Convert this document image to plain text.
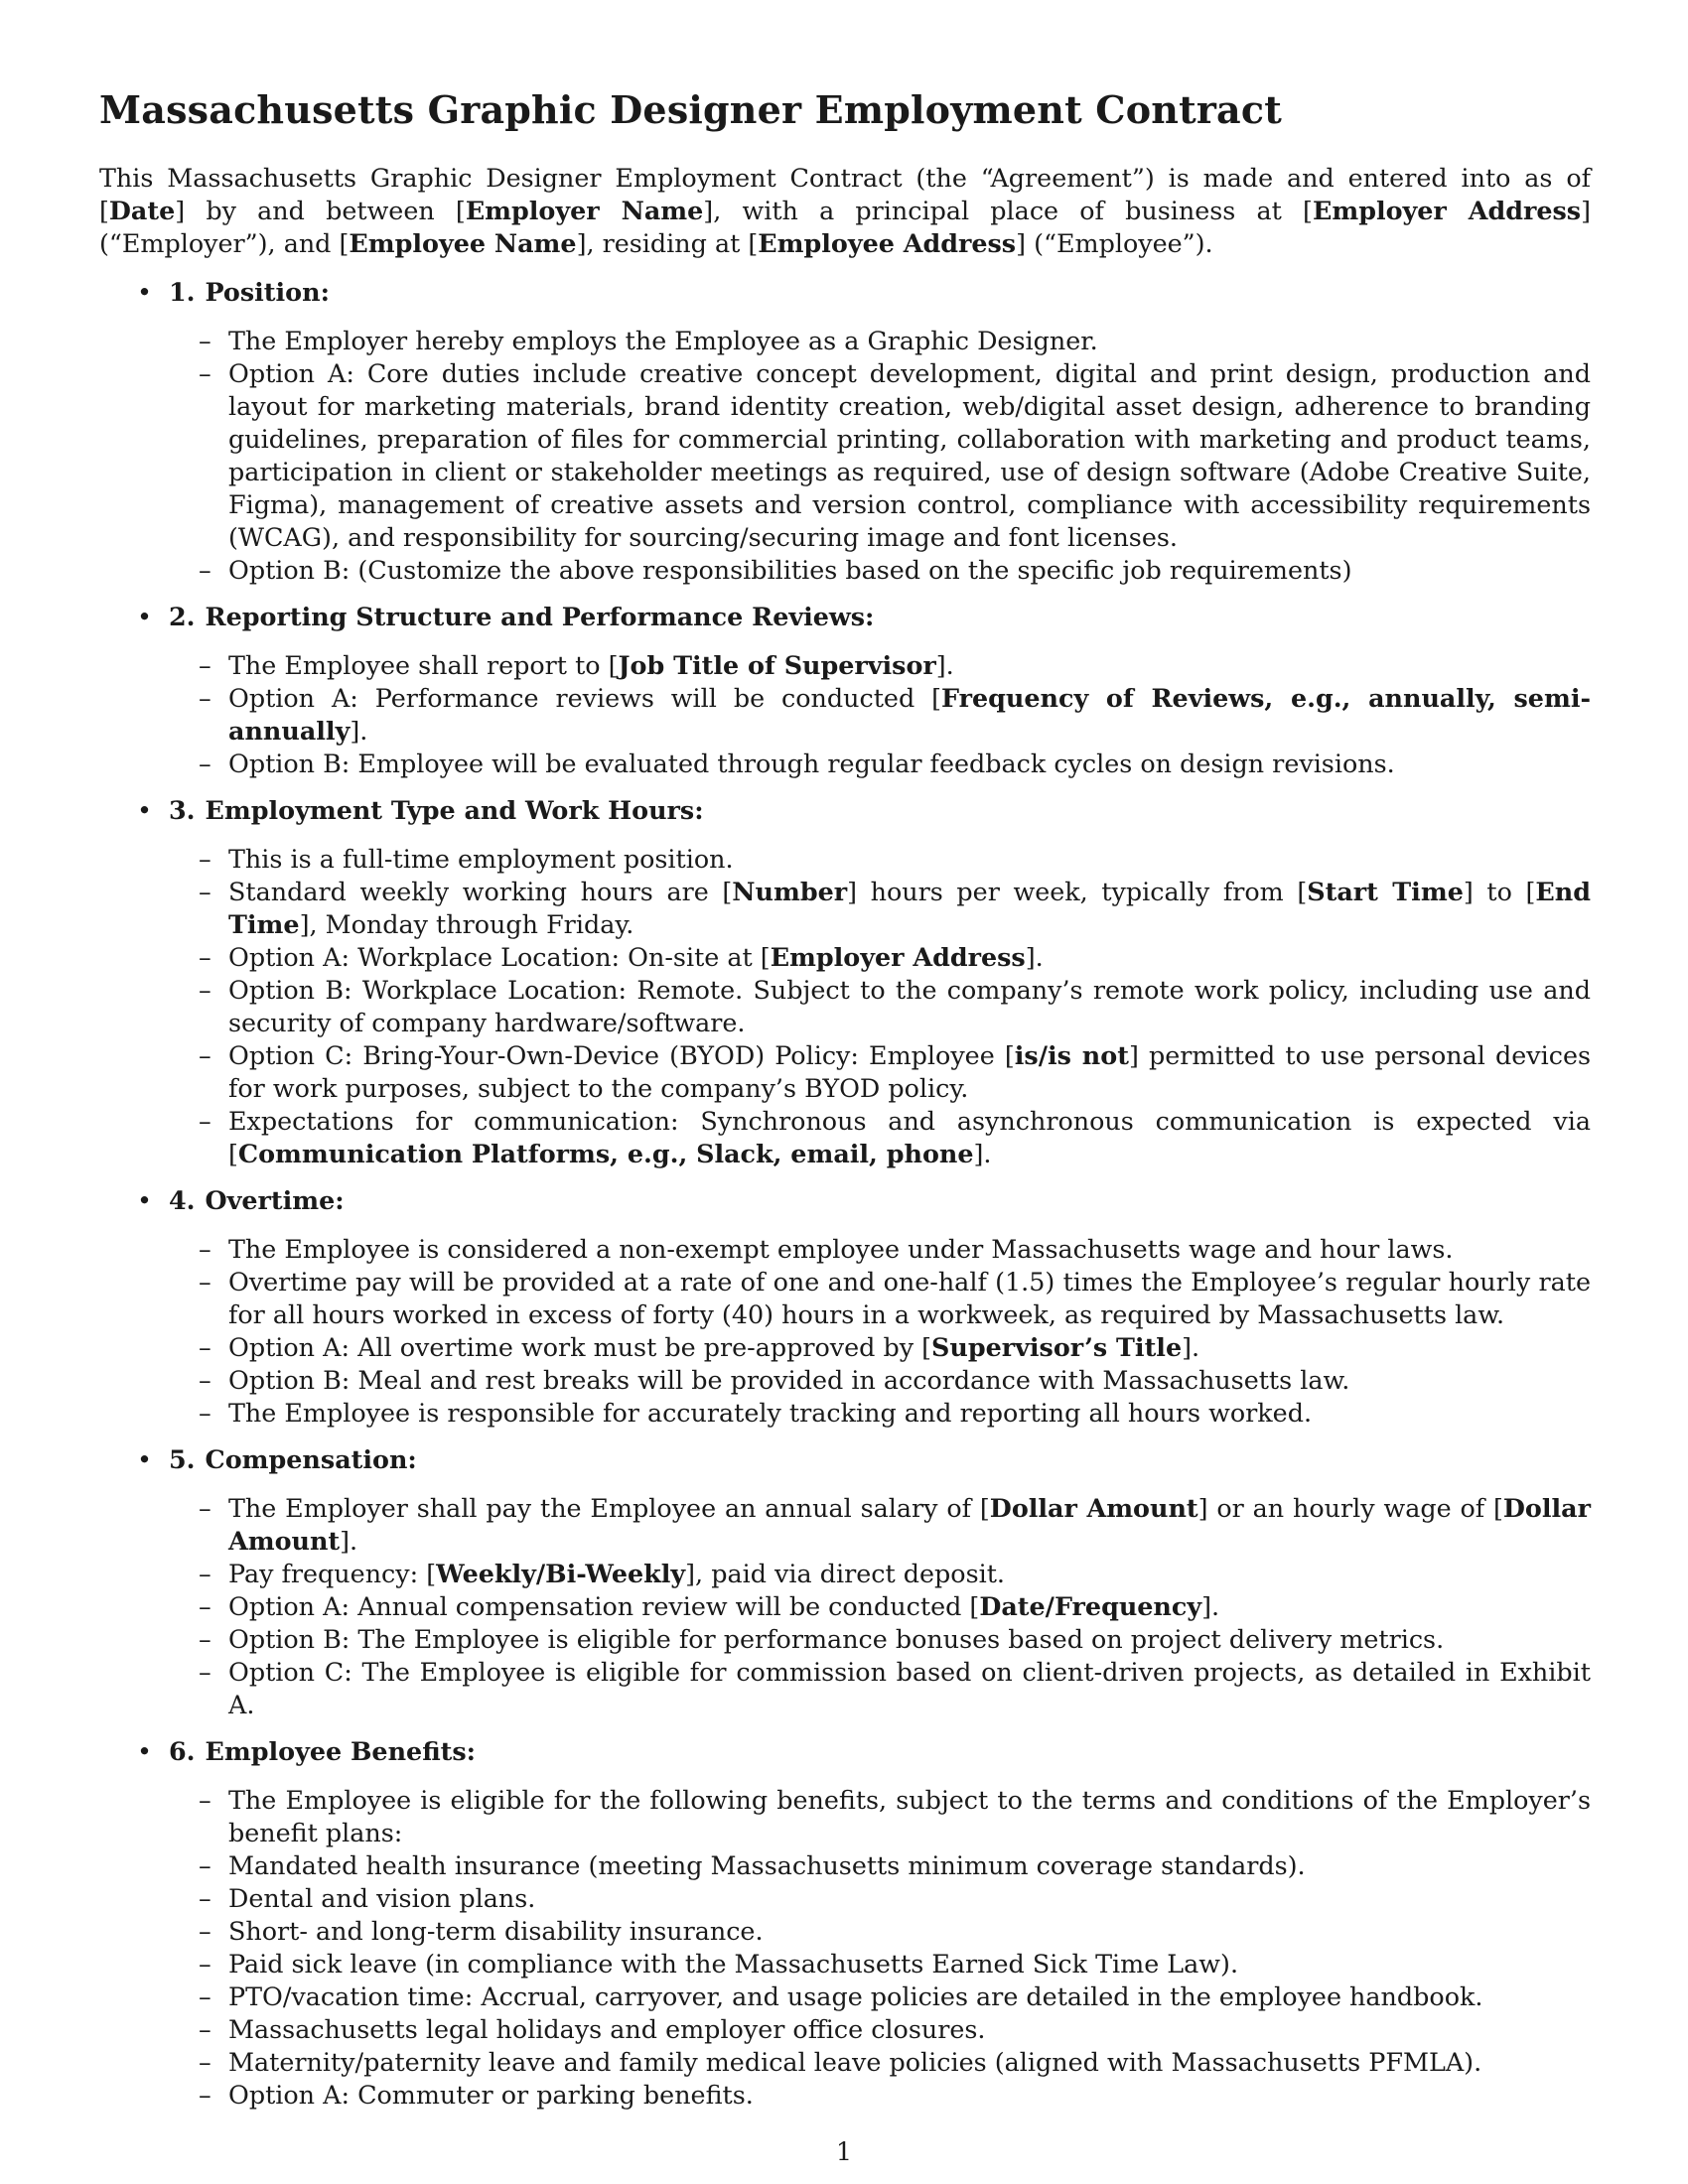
Massachusetts Graphic Designer Employment Contract

This Massachusetts Graphic Designer Employment Contract (the “Agreement”) is made and entered into as of [Date] by and between [Employer Name], with a principal place of business at [Employer Address] (“Employer”), and [Employee Name], residing at [Employee Address] (“Employee”).

• 1. Position:
– The Employer hereby employs the Employee as a Graphic Designer.
– Option A: Core duties include creative concept development, digital and print design, production and layout for marketing materials, brand identity creation, web/digital asset design, adherence to branding guidelines, preparation of files for commercial printing, collaboration with marketing and product teams, participation in client or stakeholder meetings as required, use of design software (Adobe Creative Suite, Figma), management of creative assets and version control, compliance with accessibility requirements (WCAG), and responsibility for sourcing/securing image and font licenses.
– Option B: (Customize the above responsibilities based on the specific job requirements)
• 2. Reporting Structure and Performance Reviews:
– The Employee shall report to [Job Title of Supervisor].
– Option A: Performance reviews will be conducted [Frequency of Reviews, e.g., annually, semi-annually].
– Option B: Employee will be evaluated through regular feedback cycles on design revisions.
• 3. Employment Type and Work Hours:
– This is a full-time employment position.
– Standard weekly working hours are [Number] hours per week, typically from [Start Time] to [End Time], Monday through Friday.
– Option A: Workplace Location: On-site at [Employer Address].
– Option B: Workplace Location: Remote. Subject to the company’s remote work policy, including use and security of company hardware/software.
– Option C: Bring-Your-Own-Device (BYOD) Policy: Employee [is/is not] permitted to use personal devices for work purposes, subject to the company’s BYOD policy.
– Expectations for communication: Synchronous and asynchronous communication is expected via [Communication Platforms, e.g., Slack, email, phone].
• 4. Overtime:
– The Employee is considered a non-exempt employee under Massachusetts wage and hour laws.
– Overtime pay will be provided at a rate of one and one-half (1.5) times the Employee’s regular hourly rate for all hours worked in excess of forty (40) hours in a workweek, as required by Massachusetts law.
– Option A: All overtime work must be pre-approved by [Supervisor’s Title].
– Option B: Meal and rest breaks will be provided in accordance with Massachusetts law.
– The Employee is responsible for accurately tracking and reporting all hours worked.
• 5. Compensation:
– The Employer shall pay the Employee an annual salary of [Dollar Amount] or an hourly wage of [Dollar Amount].
– Pay frequency: [Weekly/Bi-Weekly], paid via direct deposit.
– Option A: Annual compensation review will be conducted [Date/Frequency].
– Option B: The Employee is eligible for performance bonuses based on project delivery metrics.
– Option C: The Employee is eligible for commission based on client-driven projects, as detailed in Exhibit A.
• 6. Employee Benefits:
– The Employee is eligible for the following benefits, subject to the terms and conditions of the Employer’s benefit plans:
– Mandated health insurance (meeting Massachusetts minimum coverage standards).
– Dental and vision plans.
– Short- and long-term disability insurance.
– Paid sick leave (in compliance with the Massachusetts Earned Sick Time Law).
– PTO/vacation time: Accrual, carryover, and usage policies are detailed in the employee handbook.
– Massachusetts legal holidays and employer office closures.
– Maternity/paternity leave and family medical leave policies (aligned with Massachusetts PFMLA).
– Option A: Commuter or parking benefits.
1
